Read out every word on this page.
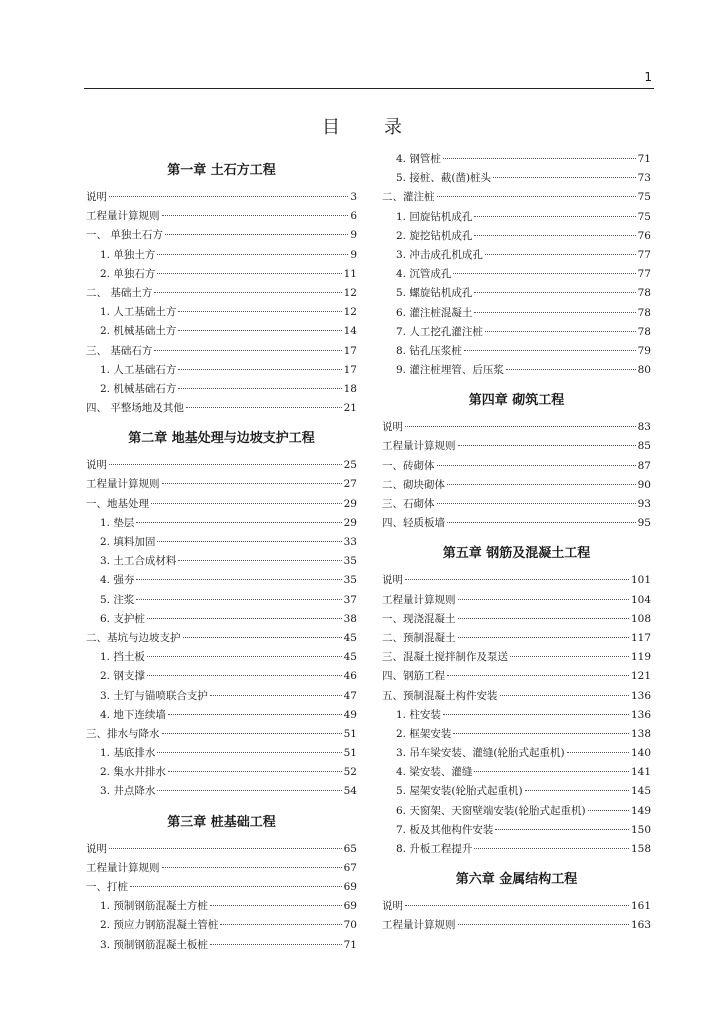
1
目录
第一章 土石方工程
说明	3
工程量计算规则	6
一、 单独土石方	9
1. 单独土方	9
2. 单独石方	11
二、 基础土方	12
1. 人工基础土方	12
2. 机械基础土方	14
三、 基础石方	17
1. 人工基础石方	17
2. 机械基础石方	18
四、 平整场地及其他	21
第二章 地基处理与边坡支护工程
说明	25
工程量计算规则	27
一、地基处理	29
1. 垫层	29
2. 填料加固	33
3. 土工合成材料	35
4. 强夯	35
5. 注浆	37
6. 支护桩	38
二、基坑与边坡支护	45
1. 挡土板	45
2. 钢支撑	46
3. 土钉与锚喷联合支护	47
4. 地下连续墙	49
三、排水与降水	51
1. 基底排水	51
2. 集水井排水	52
3. 井点降水	54
第三章 桩基础工程
说明	65
工程量计算规则	67
一、打桩	69
1. 预制钢筋混凝土方桩	69
2. 预应力钢筋混凝土管桩	70
3. 预制钢筋混凝土板桩	71
4. 钢管桩	71
5. 接桩、截(凿)桩头	73
二、灌注桩	75
1. 回旋钻机成孔	75
2. 旋挖钻机成孔	76
3. 冲击成孔机成孔	77
4. 沉管成孔	77
5. 螺旋钻机成孔	78
6. 灌注桩混凝土	78
7. 人工挖孔灌注桩	78
8. 钻孔压浆桩	79
9. 灌注桩埋管、后压浆	80
第四章 砌筑工程
说明	83
工程量计算规则	85
一、砖砌体	87
二、砌块砌体	90
三、石砌体	93
四、轻质板墙	95
第五章 钢筋及混凝土工程
说明	101
工程量计算规则	104
一、现浇混凝土	108
二、预制混凝土	117
三、混凝土搅拌制作及泵送	119
四、钢筋工程	121
五、预制混凝土构件安装	136
1. 柱安装	136
2. 框架安装	138
3. 吊车梁安装、灌缝(轮胎式起重机)	140
4. 梁安装、灌缝	141
5. 屋架安装(轮胎式起重机)	145
6. 天窗架、天窗壁端安装(轮胎式起重机)	149
7. 板及其他构件安装	150
8. 升板工程提升	158
第六章 金属结构工程
说明	161
工程量计算规则	163
